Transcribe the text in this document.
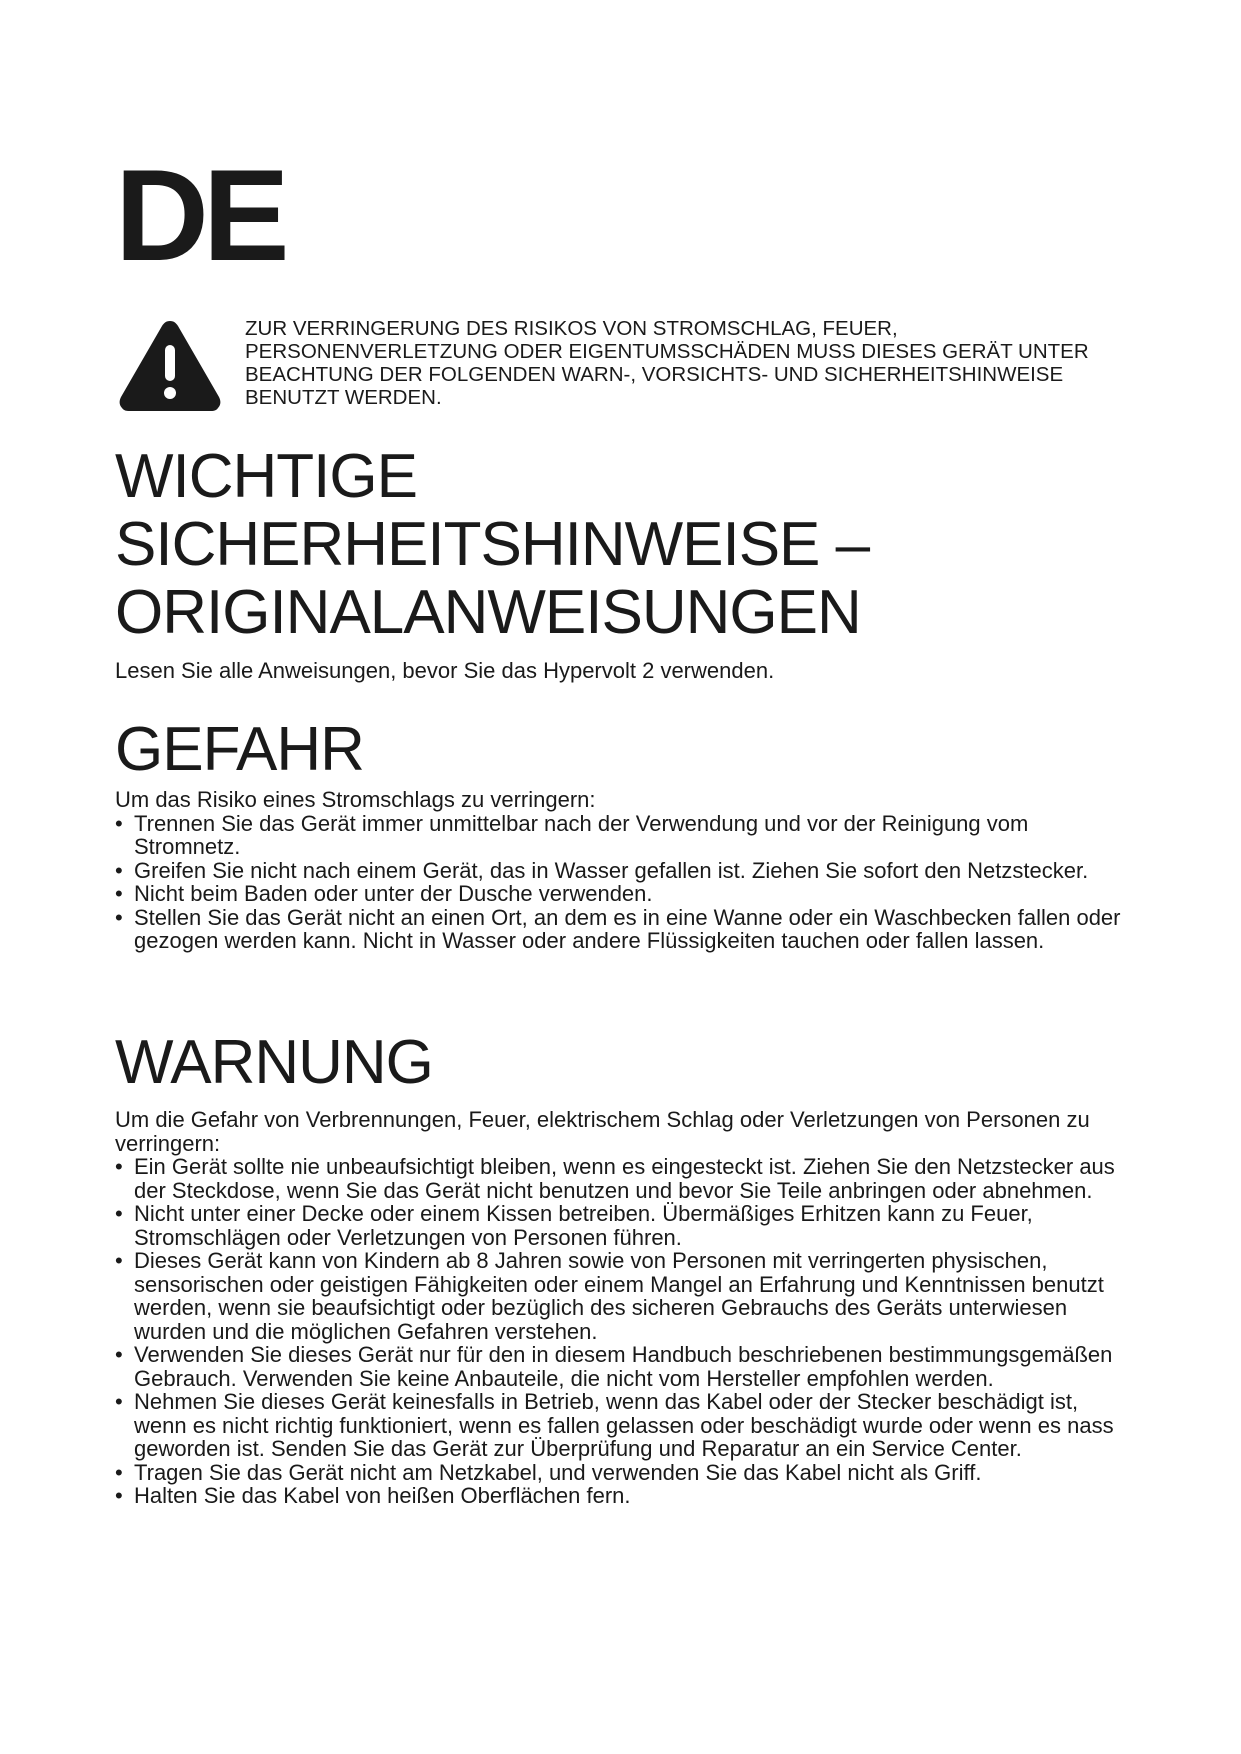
DE
ZUR VERRINGERUNG DES RISIKOS VON STROMSCHLAG, FEUER, PERSONENVERLETZUNG ODER EIGENTUMSSCHÄDEN MUSS DIESES GERÄT UNTER BEACHTUNG DER FOLGENDEN WARN-, VORSICHTS- UND SICHERHEITSHINWEISE BENUTZT WERDEN.
WICHTIGE
SICHERHEITSHINWEISE –
ORIGINALANWEISUNGEN
Lesen Sie alle Anweisungen, bevor Sie das Hypervolt 2 verwenden.
GEFAHR

Um das Risiko eines Stromschlags zu verringern:

• Trennen Sie das Gerät immer unmittelbar nach der Verwendung und vor der Reinigung vom Stromnetz.
• Greifen Sie nicht nach einem Gerät, das in Wasser gefallen ist. Ziehen Sie sofort den Netzstecker.
• Nicht beim Baden oder unter der Dusche verwenden.
• Stellen Sie das Gerät nicht an einen Ort, an dem es in eine Wanne oder ein Waschbecken fallen oder gezogen werden kann. Nicht in Wasser oder andere Flüssigkeiten tauchen oder fallen lassen.
WARNUNG

Um die Gefahr von Verbrennungen, Feuer, elektrischem Schlag oder Verletzungen von Personen zu verringern:

• Ein Gerät sollte nie unbeaufsichtigt bleiben, wenn es eingesteckt ist. Ziehen Sie den Netzstecker aus der Steckdose, wenn Sie das Gerät nicht benutzen und bevor Sie Teile anbringen oder abnehmen.
• Nicht unter einer Decke oder einem Kissen betreiben. Übermäßiges Erhitzen kann zu Feuer, Stromschlägen oder Verletzungen von Personen führen.
• Dieses Gerät kann von Kindern ab 8 Jahren sowie von Personen mit verringerten physischen, sensorischen oder geistigen Fähigkeiten oder einem Mangel an Erfahrung und Kenntnissen benutzt werden, wenn sie beaufsichtigt oder bezüglich des sicheren Gebrauchs des Geräts unterwiesen wurden und die möglichen Gefahren verstehen.
• Verwenden Sie dieses Gerät nur für den in diesem Handbuch beschriebenen bestimmungsgemäßen Gebrauch. Verwenden Sie keine Anbauteile, die nicht vom Hersteller empfohlen werden.
• Nehmen Sie dieses Gerät keinesfalls in Betrieb, wenn das Kabel oder der Stecker beschädigt ist, wenn es nicht richtig funktioniert, wenn es fallen gelassen oder beschädigt wurde oder wenn es nass geworden ist. Senden Sie das Gerät zur Überprüfung und Reparatur an ein Service Center.
• Tragen Sie das Gerät nicht am Netzkabel, und verwenden Sie das Kabel nicht als Griff.
• Halten Sie das Kabel von heißen Oberflächen fern.
